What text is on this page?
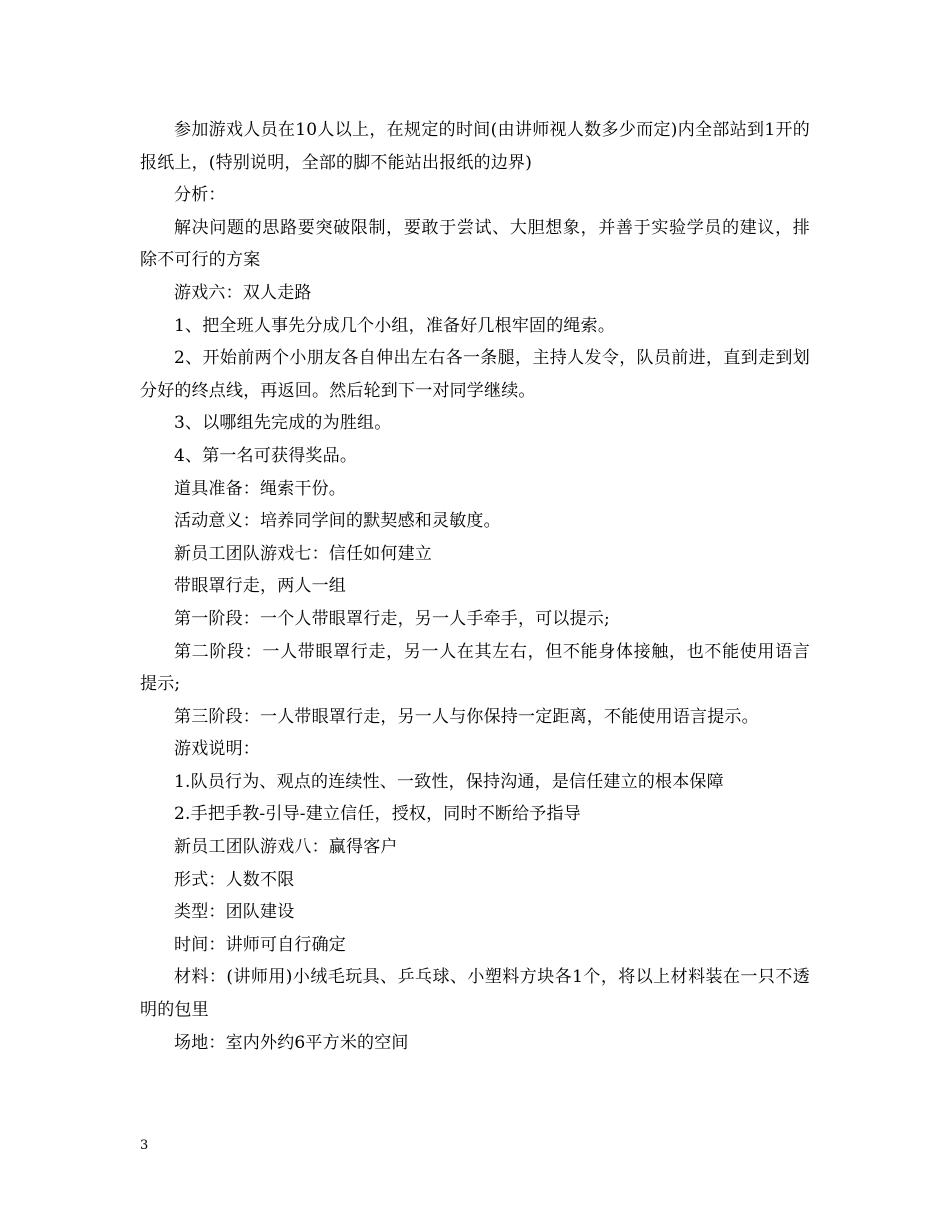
参加游戏人员在10人以上，在规定的时间(由讲师视人数多少而定)内全部站到1开的报纸上，(特别说明，全部的脚不能站出报纸的边界)

分析：

解决问题的思路要突破限制，要敢于尝试、大胆想象，并善于实验学员的建议，排除不可行的方案

游戏六：双人走路

1、把全班人事先分成几个小组，准备好几根牢固的绳索。

2、开始前两个小朋友各自伸出左右各一条腿，主持人发令，队员前进，直到走到划分好的终点线，再返回。然后轮到下一对同学继续。

3、以哪组先完成的为胜组。

4、第一名可获得奖品。

道具准备：绳索干份。

活动意义：培养同学间的默契感和灵敏度。

新员工团队游戏七：信任如何建立

带眼罩行走，两人一组

第一阶段：一个人带眼罩行走，另一人手牵手，可以提示;

第二阶段：一人带眼罩行走，另一人在其左右，但不能身体接触，也不能使用语言提示;

第三阶段：一人带眼罩行走，另一人与你保持一定距离，不能使用语言提示。

游戏说明：

1.队员行为、观点的连续性、一致性，保持沟通，是信任建立的根本保障

2.手把手教-引导-建立信任，授权，同时不断给予指导

新员工团队游戏八：赢得客户

形式：人数不限

类型：团队建设

时间：讲师可自行确定

材料：(讲师用)小绒毛玩具、乒乓球、小塑料方块各1个，将以上材料装在一只不透明的包里

场地：室内外约6平方米的空间

3
